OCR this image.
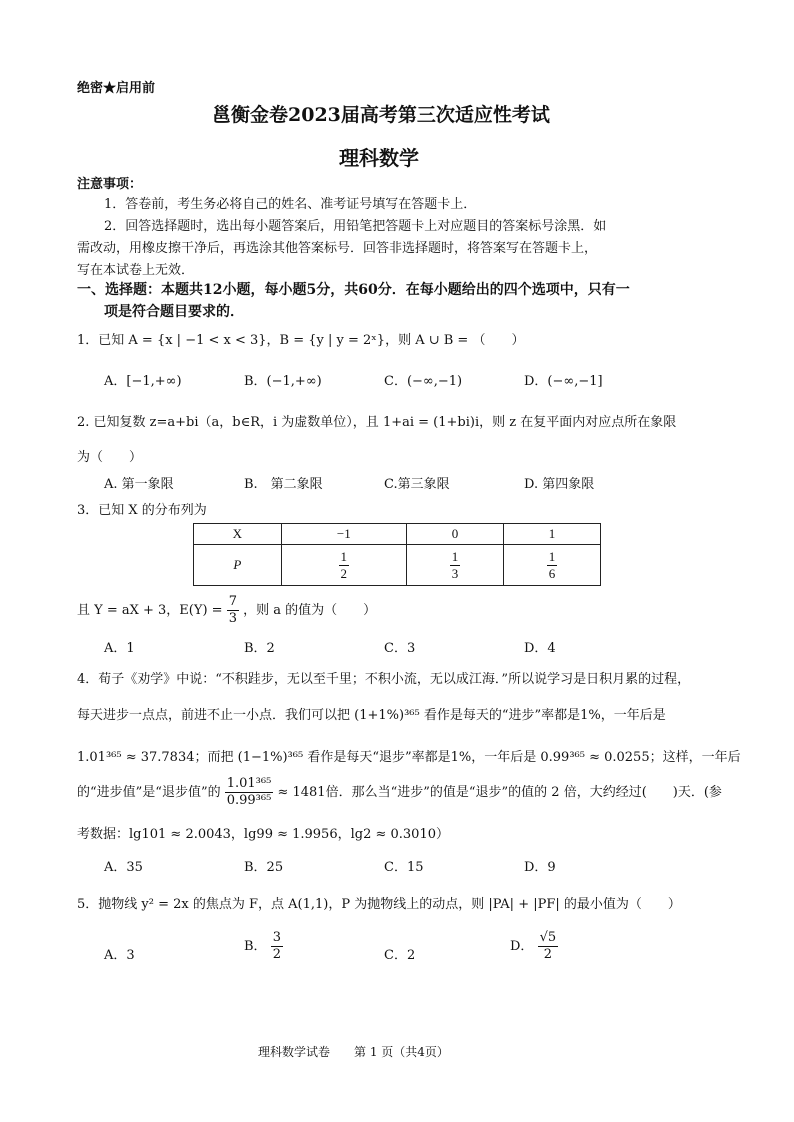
绝密★启用前
邕衡金卷2023届高考第三次适应性考试
理科数学
注意事项：
1．答卷前，考生务必将自己的姓名、准考证号填写在答题卡上．
2．回答选择题时，选出每小题答案后，用铅笔把答题卡上对应题目的答案标号涂黑．如
需改动，用橡皮擦干净后，再选涂其他答案标号．回答非选择题时，将答案写在答题卡上，
写在本试卷上无效．
一、选择题：本题共12小题，每小题5分，共60分．在每小题给出的四个选项中，只有一
项是符合题目要求的．
1．已知 A = {x | −1 < x < 3}，B = {y | y = 2ˣ}，则 A ∪ B = （　　）
A．[−1,+∞)	B．(−1,+∞)	C．(−∞,−1)	D．(−∞,−1]
2. 已知复数 z=a+bi（a，b∈R，i 为虚数单位），且 1+ai = (1+bi)i，则 z 在复平面内对应点所在象限
为（　　）
A. 第一象限	B.　第二象限	C.第三象限	D. 第四象限
3．已知 X 的分布列为
X	−1	0	1
P	$\frac{1}{2}$	$\frac{1}{3}$	$\frac{1}{6}$
且 Y = aX + 3，$E(Y) = \frac{7}{3}$ ，则 a 的值为（　　）
A．1	B．2	C．3	D．4
4．荀子《劝学》中说：“不积跬步，无以至千里；不积小流，无以成江海．”所以说学习是日积月累的过程，
每天进步一点点，前进不止一小点．我们可以把 (1+1%)³⁶⁵ 看作是每天的“进步”率都是1%，一年后是
1.01³⁶⁵ ≈ 37.7834；而把 (1−1%)³⁶⁵ 看作是每天“退步”率都是1%，一年后是 0.99³⁶⁵ ≈ 0.0255；这样，一年后
的“进步值”是“退步值”的 $\frac{\text{1.01³⁶⁵}}{\text{0.99³⁶⁵}} \approx 1481$倍．那么当“进步”的值是“退步”的值的 2 倍，大约经过(　　)天．(参
考数据：lg101 ≈ 2.0043，lg99 ≈ 1.9956，lg2 ≈ 0.3010）
A．35	B．25	C．15	D．9
5．抛物线 y² = 2x 的焦点为 F，点 A(1,1)，P 为抛物线上的动点，则 |PA| + |PF| 的最小值为（　　）
A．3
B． $\frac{3}{2}$	C．2
D． $\frac{√5}{2}$
理科数学试卷　　第 1 页（共4页）
